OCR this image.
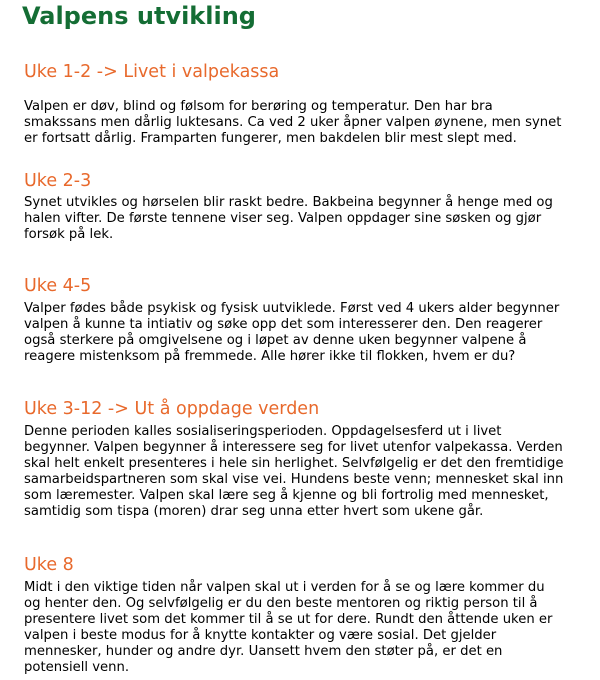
Valpens utvikling
Uke 1-2 -> Livet i valpekassa
Valpen er døv, blind og følsom for berøring og temperatur. Den har bra
smakssans men dårlig luktesans. Ca ved 2 uker åpner valpen øynene, men synet
er fortsatt dårlig. Framparten fungerer, men bakdelen blir mest slept med.
Uke 2-3
Synet utvikles og hørselen blir raskt bedre. Bakbeina begynner å henge med og
halen vifter. De første tennene viser seg. Valpen oppdager sine søsken og gjør
forsøk på lek.
Uke 4-5
Valper fødes både psykisk og fysisk uutviklede. Først ved 4 ukers alder begynner
valpen å kunne ta intiativ og søke opp det som interesserer den. Den reagerer
også sterkere på omgivelsene og i løpet av denne uken begynner valpene å
reagere mistenksom på fremmede. Alle hører ikke til flokken, hvem er du?
Uke 3-12 -> Ut å oppdage verden
Denne perioden kalles sosialiseringsperioden. Oppdagelsesferd ut i livet
begynner. Valpen begynner å interessere seg for livet utenfor valpekassa. Verden
skal helt enkelt presenteres i hele sin herlighet. Selvfølgelig er det den fremtidige
samarbeidspartneren som skal vise vei. Hundens beste venn; mennesket skal inn
som læremester. Valpen skal lære seg å kjenne og bli fortrolig med mennesket,
samtidig som tispa (moren) drar seg unna etter hvert som ukene går.
Uke 8
Midt i den viktige tiden når valpen skal ut i verden for å se og lære kommer du
og henter den. Og selvfølgelig er du den beste mentoren og riktig person til å
presentere livet som det kommer til å se ut for dere. Rundt den åttende uken er
valpen i beste modus for å knytte kontakter og være sosial. Det gjelder
mennesker, hunder og andre dyr. Uansett hvem den støter på, er det en
potensiell venn.
